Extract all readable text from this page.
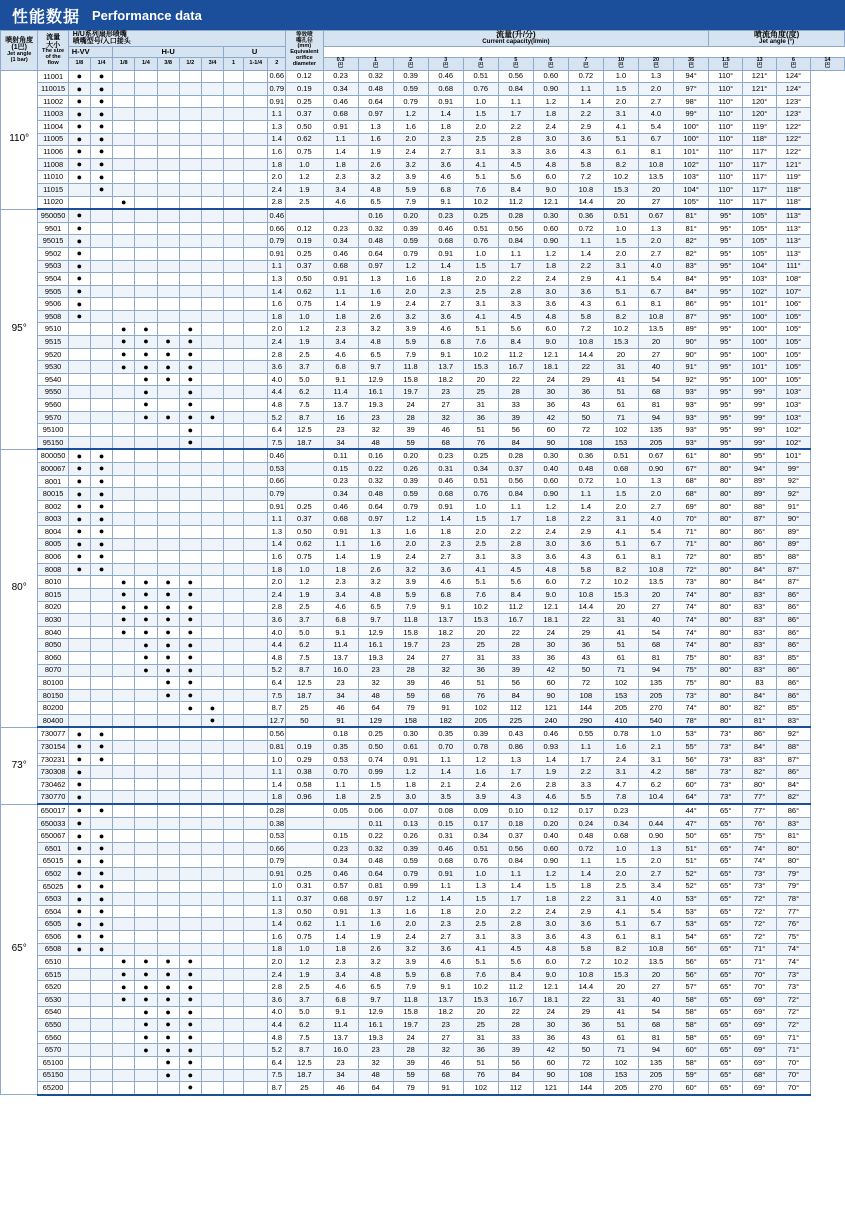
性能数据 Performance data
喷射角度
(1巴)
Jet angle
(1 bar)

流量
大小
The size
of the
flow

H/U系列扇形喷嘴
喷嘴型号/入口接头

等效喷
嘴孔径
(mm)
Equivalent
orifice
diameter

流量(升/分)
Current capacity(l/min)

喷流角度(度)
Jet angle (°)

		H-VV		H-U					U																	
		1/8	1/4	1/8	1/4	3/8	1/2	3/4	1	1-1/4	2		0.3
巴	1
巴	2
巴	3
巴	4
巴	5
巴	6
巴	7
巴	10
巴	20
巴	35
巴	1.5
巴	13
巴	6
巴	14
巴
110°	11001	●	●								0.66	0.12	0.23	0.32	0.39	0.46	0.51	0.56	0.60	0.72	1.0	1.3	94°	110°	121°	124°	
	110015	●	●								0.79	0.19	0.34	0.48	0.59	0.68	0.76	0.84	0.90	1.1	1.5	2.0	97°	110°	121°	124°	
	11002	●	●								0.91	0.25	0.46	0.64	0.79	0.91	1.0	1.1	1.2	1.4	2.0	2.7	98°	110°	120°	123°	
	11003	●	●								1.1	0.37	0.68	0.97	1.2	1.4	1.5	1.7	1.8	2.2	3.1	4.0	99°	110°	120°	123°	
	11004	●	●								1.3	0.50	0.91	1.3	1.6	1.8	2.0	2.2	2.4	2.9	4.1	5.4	100°	110°	119°	122°	
	11005	●	●								1.4	0.62	1.1	1.6	2.0	2.3	2.5	2.8	3.0	3.6	5.1	6.7	100°	110°	118°	122°	
	11006	●	●								1.6	0.75	1.4	1.9	2.4	2.7	3.1	3.3	3.6	4.3	6.1	8.1	101°	110°	117°	122°	
	11008	●	●								1.8	1.0	1.8	2.6	3.2	3.6	4.1	4.5	4.8	5.8	8.2	10.8	102°	110°	117°	121°	
	11010	●	●								2.0	1.2	2.3	3.2	3.9	4.6	5.1	5.6	6.0	7.2	10.2	13.5	103°	110°	117°	119°	
	11015		●								2.4	1.9	3.4	4.8	5.9	6.8	7.6	8.4	9.0	10.8	15.3	20	104°	110°	117°	118°	
	11020			●							2.8	2.5	4.6	6.5	7.9	9.1	10.2	11.2	12.1	14.4	20	27	105°	110°	117°	118°	
95°	950050	●									0.46			0.16	0.20	0.23	0.25	0.28	0.30	0.36	0.51	0.67	81°	95°	105°	113°	
	9501	●									0.66	0.12	0.23	0.32	0.39	0.46	0.51	0.56	0.60	0.72	1.0	1.3	81°	95°	105°	113°	
	95015	●									0.79	0.19	0.34	0.48	0.59	0.68	0.76	0.84	0.90	1.1	1.5	2.0	82°	95°	105°	113°	
	9502	●									0.91	0.25	0.46	0.64	0.79	0.91	1.0	1.1	1.2	1.4	2.0	2.7	82°	95°	105°	113°	
	9503	●									1.1	0.37	0.68	0.97	1.2	1.4	1.5	1.7	1.8	2.2	3.1	4.0	83°	95°	104°	111°	
	9504	●									1.3	0.50	0.91	1.3	1.6	1.8	2.0	2.2	2.4	2.9	4.1	5.4	84°	95°	103°	108°	
	9505	●									1.4	0.62	1.1	1.6	2.0	2.3	2.5	2.8	3.0	3.6	5.1	6.7	84°	95°	102°	107°	
	9506	●									1.6	0.75	1.4	1.9	2.4	2.7	3.1	3.3	3.6	4.3	6.1	8.1	86°	95°	101°	106°	
	9508	●									1.8	1.0	1.8	2.6	3.2	3.6	4.1	4.5	4.8	5.8	8.2	10.8	87°	95°	100°	105°	
	9510			●	●		●				2.0	1.2	2.3	3.2	3.9	4.6	5.1	5.6	6.0	7.2	10.2	13.5	89°	95°	100°	105°	
	9515			●	●	●	●				2.4	1.9	3.4	4.8	5.9	6.8	7.6	8.4	9.0	10.8	15.3	20	90°	95°	100°	105°	
	9520			●	●	●	●				2.8	2.5	4.6	6.5	7.9	9.1	10.2	11.2	12.1	14.4	20	27	90°	95°	100°	105°	
	9530			●	●	●	●				3.6	3.7	6.8	9.7	11.8	13.7	15.3	16.7	18.1	22	31	40	91°	95°	101°	105°	
	9540				●	●	●				4.0	5.0	9.1	12.9	15.8	18.2	20	22	24	29	41	54	92°	95°	100°	105°	
	9550				●		●				4.4	6.2	11.4	16.1	19.7	23	25	28	30	36	51	68	93°	95°	99°	103°	
	9560				●		●				4.8	7.5	13.7	19.3	24	27	31	33	36	43	61	81	93°	95°	99°	103°	
	9570				●	●	●	●			5.2	8.7	16	23	28	32	36	39	42	50	71	94	93°	95°	99°	103°	
	95100						●				6.4	12.5	23	32	39	46	51	56	60	72	102	135	93°	95°	99°	102°	
	95150						●				7.5	18.7	34	48	59	68	76	84	90	108	153	205	93°	95°	99°	102°	
80°	800050	●	●								0.46		0.11	0.16	0.20	0.23	0.25	0.28	0.30	0.36	0.51	0.67	61°	80°	95°	101°	
	800067	●	●								0.53		0.15	0.22	0.26	0.31	0.34	0.37	0.40	0.48	0.68	0.90	67°	80°	94°	99°	
	8001	●	●								0.66		0.23	0.32	0.39	0.46	0.51	0.56	0.60	0.72	1.0	1.3	68°	80°	89°	92°	
	80015	●	●								0.79		0.34	0.48	0.59	0.68	0.76	0.84	0.90	1.1	1.5	2.0	68°	80°	89°	92°	
	8002	●	●								0.91	0.25	0.46	0.64	0.79	0.91	1.0	1.1	1.2	1.4	2.0	2.7	69°	80°	88°	91°	
	8003	●	●								1.1	0.37	0.68	0.97	1.2	1.4	1.5	1.7	1.8	2.2	3.1	4.0	70°	80°	87°	90°	
	8004	●	●								1.3	0.50	0.91	1.3	1.6	1.8	2.0	2.2	2.4	2.9	4.1	5.4	71°	80°	86°	89°	
	8005	●	●								1.4	0.62	1.1	1.6	2.0	2.3	2.5	2.8	3.0	3.6	5.1	6.7	71°	80°	86°	89°	
	8006	●	●								1.6	0.75	1.4	1.9	2.4	2.7	3.1	3.3	3.6	4.3	6.1	8.1	72°	80°	85°	88°	
	8008	●	●								1.8	1.0	1.8	2.6	3.2	3.6	4.1	4.5	4.8	5.8	8.2	10.8	72°	80°	84°	87°	
	8010			●	●	●	●				2.0	1.2	2.3	3.2	3.9	4.6	5.1	5.6	6.0	7.2	10.2	13.5	73°	80°	84°	87°	
	8015			●	●	●	●				2.4	1.9	3.4	4.8	5.9	6.8	7.6	8.4	9.0	10.8	15.3	20	74°	80°	83°	86°	
	8020			●	●	●	●				2.8	2.5	4.6	6.5	7.9	9.1	10.2	11.2	12.1	14.4	20	27	74°	80°	83°	86°	
	8030			●	●	●	●				3.6	3.7	6.8	9.7	11.8	13.7	15.3	16.7	18.1	22	31	40	74°	80°	83°	86°	
	8040			●	●	●	●				4.0	5.0	9.1	12.9	15.8	18.2	20	22	24	29	41	54	74°	80°	83°	86°	
	8050				●	●	●				4.4	6.2	11.4	16.1	19.7	23	25	28	30	36	51	68	74°	80°	83°	86°	
	8060				●	●	●				4.8	7.5	13.7	19.3	24	27	31	33	36	43	61	81	75°	80°	83°	85°	
	8070				●	●	●				5.2	8.7	16.0	23	28	32	36	39	42	50	71	94	75°	80°	83°	86°	
	80100					●	●				6.4	12.5	23	32	39	46	51	56	60	72	102	135	75°	80°	83	86°	
	80150					●	●				7.5	18.7	34	48	59	68	76	84	90	108	153	205	73°	80°	84°	86°	
	80200						●	●			8.7	25	46	64	79	91	102	112	121	144	205	270	74°	80°	82°	85°	
	80400							●			12.7	50	91	129	158	182	205	225	240	290	410	540	78°	80°	81°	83°	
73°	730077	●	●								0.56		0.18	0.25	0.30	0.35	0.39	0.43	0.46	0.55	0.78	1.0	53°	73°	86°	92°	
	730154	●	●								0.81	0.19	0.35	0.50	0.61	0.70	0.78	0.86	0.93	1.1	1.6	2.1	55°	73°	84°	88°	
	730231	●	●								1.0	0.29	0.53	0.74	0.91	1.1	1.2	1.3	1.4	1.7	2.4	3.1	56°	73°	83°	87°	
	730308	●									1.1	0.38	0.70	0.99	1.2	1.4	1.6	1.7	1.9	2.2	3.1	4.2	58°	73°	82°	86°	
	730462	●									1.4	0.58	1.1	1.5	1.8	2.1	2.4	2.6	2.8	3.3	4.7	6.2	60°	73°	80°	84°	
	730770	●									1.8	0.96	1.8	2.5	3.0	3.5	3.9	4.3	4.6	5.5	7.8	10.4	64°	73°	77°	82°	
65°	650017	●	●								0.28		0.05	0.06	0.07	0.08	0.09	0.10	0.12	0.17	0.23		44°	65°	77°	86°	
	650033	●									0.38			0.11	0.13	0.15	0.17	0.18	0.20	0.24	0.34	0.44	47°	65°	76°	83°	
	650067	●	●								0.53		0.15	0.22	0.26	0.31	0.34	0.37	0.40	0.48	0.68	0.90	50°	65°	75°	81°	
	6501	●	●								0.66		0.23	0.32	0.39	0.46	0.51	0.56	0.60	0.72	1.0	1.3	51°	65°	74°	80°	
	65015	●	●								0.79		0.34	0.48	0.59	0.68	0.76	0.84	0.90	1.1	1.5	2.0	51°	65°	74°	80°	
	6502	●	●								0.91	0.25	0.46	0.64	0.79	0.91	1.0	1.1	1.2	1.4	2.0	2.7	52°	65°	73°	79°	
	65025	●	●								1.0	0.31	0.57	0.81	0.99	1.1	1.3	1.4	1.5	1.8	2.5	3.4	52°	65°	73°	79°	
	6503	●	●								1.1	0.37	0.68	0.97	1.2	1.4	1.5	1.7	1.8	2.2	3.1	4.0	53°	65°	72°	78°	
	6504	●	●								1.3	0.50	0.91	1.3	1.6	1.8	2.0	2.2	2.4	2.9	4.1	5.4	53°	65°	72°	77°	
	6505	●	●								1.4	0.62	1.1	1.6	2.0	2.3	2.5	2.8	3.0	3.6	5.1	6.7	53°	65°	72°	76°	
	6506	●	●								1.6	0.75	1.4	1.9	2.4	2.7	3.1	3.3	3.6	4.3	6.1	8.1	54°	65°	72°	75°	
	6508	●	●								1.8	1.0	1.8	2.6	3.2	3.6	4.1	4.5	4.8	5.8	8.2	10.8	56°	65°	71°	74°	
	6510			●	●	●	●				2.0	1.2	2.3	3.2	3.9	4.6	5.1	5.6	6.0	7.2	10.2	13.5	56°	65°	71°	74°	
	6515			●	●	●	●				2.4	1.9	3.4	4.8	5.9	6.8	7.6	8.4	9.0	10.8	15.3	20	56°	65°	70°	73°	
	6520			●	●	●	●				2.8	2.5	4.6	6.5	7.9	9.1	10.2	11.2	12.1	14.4	20	27	57°	65°	70°	73°	
	6530			●	●	●	●				3.6	3.7	6.8	9.7	11.8	13.7	15.3	16.7	18.1	22	31	40	58°	65°	69°	72°	
	6540				●	●	●				4.0	5.0	9.1	12.9	15.8	18.2	20	22	24	29	41	54	58°	65°	69°	72°	
	6550				●	●	●				4.4	6.2	11.4	16.1	19.7	23	25	28	30	36	51	68	58°	65°	69°	72°	
	6560				●	●	●				4.8	7.5	13.7	19.3	24	27	31	33	36	43	61	81	58°	65°	69°	71°	
	6570				●	●	●				5.2	8.7	16.0	23	28	32	36	39	42	50	71	94	60°	65°	69°	71°	
	65100					●	●				6.4	12.5	23	32	39	46	51	56	60	72	102	135	58°	65°	69°	70°	
	65150					●	●				7.5	18.7	34	48	59	68	76	84	90	108	153	205	59°	65°	68°	70°	
	65200						●				8.7	25	46	64	79	91	102	112	121	144	205	270	60°	65°	69°	70°	
